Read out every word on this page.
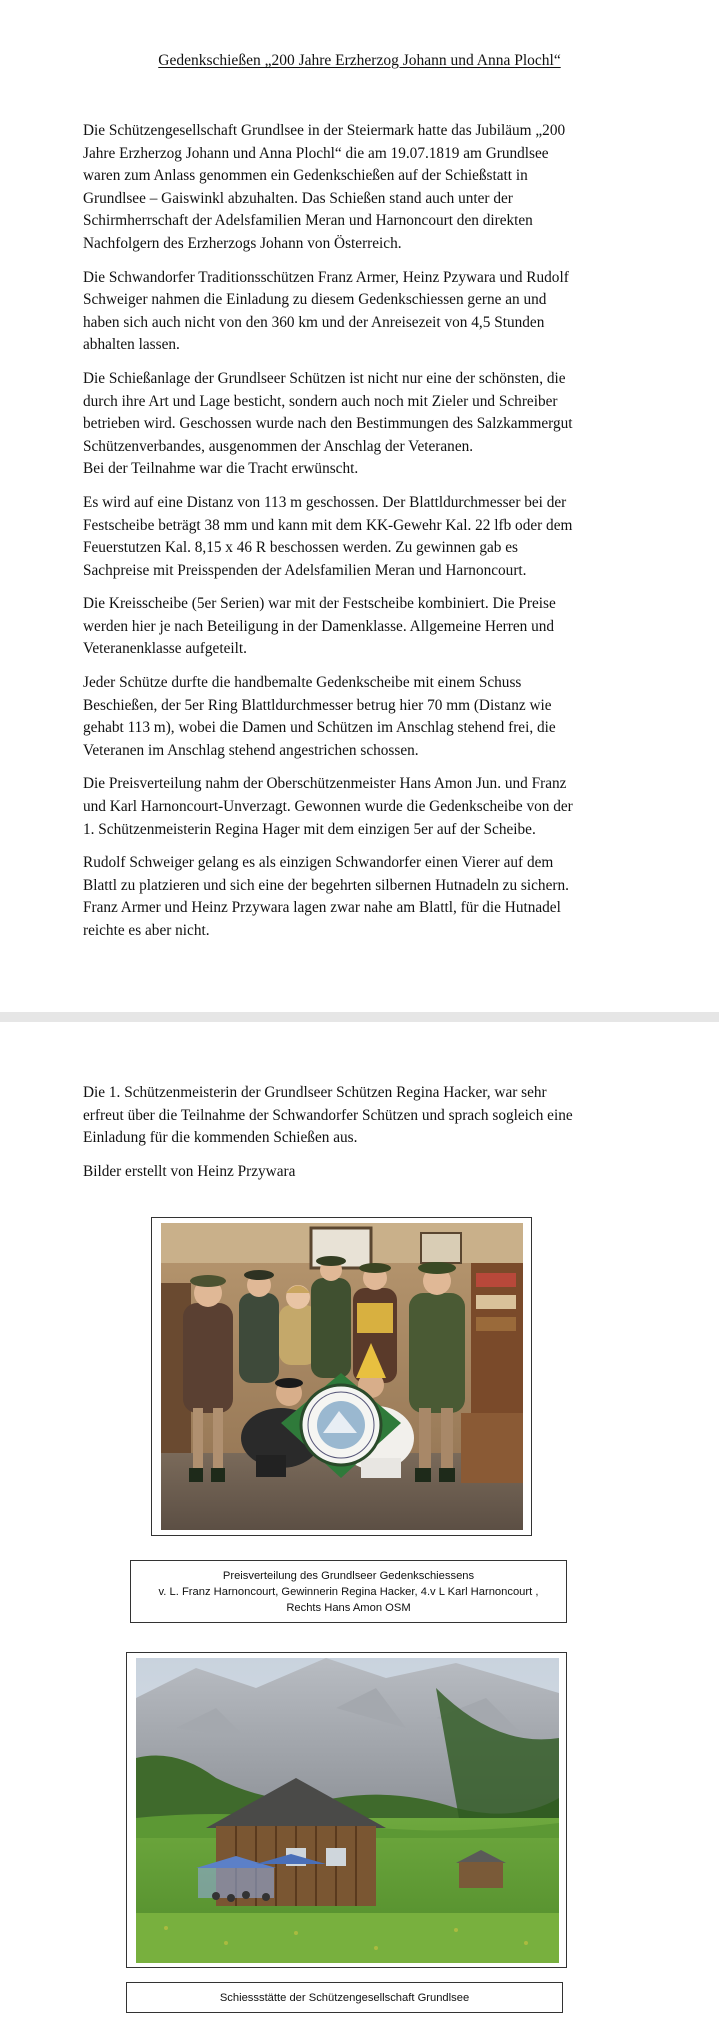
Gedenkschießen „200 Jahre Erzherzog Johann und Anna Plochl“

Die Schützengesellschaft Grundlsee in der Steiermark hatte das Jubiläum „200
Jahre Erzherzog Johann und Anna Plochl“ die am 19.07.1819 am Grundlsee
waren zum Anlass genommen ein Gedenkschießen auf der Schießstatt in
Grundlsee – Gaiswinkl abzuhalten. Das Schießen stand auch unter der
Schirmherrschaft der Adelsfamilien Meran und Harnoncourt den direkten
Nachfolgern des Erzherzogs Johann von Österreich.

Die Schwandorfer Traditionsschützen Franz Armer, Heinz Pzywara und Rudolf
Schweiger nahmen die Einladung zu diesem Gedenkschiessen gerne an und
haben sich auch nicht von den 360 km und der Anreisezeit von 4,5 Stunden
abhalten lassen.

Die Schießanlage der Grundlseer Schützen ist nicht nur eine der schönsten, die
durch ihre Art und Lage besticht, sondern auch noch mit Zieler und Schreiber
betrieben wird. Geschossen wurde nach den Bestimmungen des Salzkammergut
Schützenverbandes, ausgenommen der Anschlag der Veteranen.
Bei der Teilnahme war die Tracht erwünscht.

Es wird auf eine Distanz von 113 m geschossen. Der Blattldurchmesser bei der
Festscheibe beträgt 38 mm und kann mit dem KK-Gewehr Kal. 22 lfb oder dem
Feuerstutzen Kal. 8,15 x 46 R beschossen werden. Zu gewinnen gab es
Sachpreise mit Preisspenden der Adelsfamilien Meran und Harnoncourt.

Die Kreisscheibe (5er Serien) war mit der Festscheibe kombiniert. Die Preise
werden hier je nach Beteiligung in der Damenklasse. Allgemeine Herren und
Veteranenklasse aufgeteilt.

Jeder Schütze durfte die handbemalte Gedenkscheibe mit einem Schuss
Beschießen, der 5er Ring Blattldurchmesser betrug hier 70 mm (Distanz wie
gehabt 113 m), wobei die Damen und Schützen im Anschlag stehend frei, die
Veteranen im Anschlag stehend angestrichen schossen.

Die Preisverteilung nahm der Oberschützenmeister Hans Amon Jun. und Franz
und Karl Harnoncourt-Unverzagt. Gewonnen wurde die Gedenkscheibe von der
1. Schützenmeisterin Regina Hager mit dem einzigen 5er auf der Scheibe.

Rudolf Schweiger gelang es als einzigen Schwandorfer einen Vierer auf dem
Blattl zu platzieren und sich eine der begehrten silbernen Hutnadeln zu sichern.
Franz Armer und Heinz Przywara lagen zwar nahe am Blattl, für die Hutnadel
reichte es aber nicht.

Die 1. Schützenmeisterin der Grundlseer Schützen Regina Hacker, war sehr
erfreut über die Teilnahme der Schwandorfer Schützen und sprach sogleich eine
Einladung für die kommenden Schießen aus.

Bilder erstellt von Heinz Przywara

Preisverteilung des Grundlseer Gedenkschiessens
v. L. Franz Harnoncourt, Gewinnerin Regina Hacker, 4.v L Karl Harnoncourt ,
Rechts Hans Amon OSM
Schiessstätte der Schützengesellschaft Grundlsee
